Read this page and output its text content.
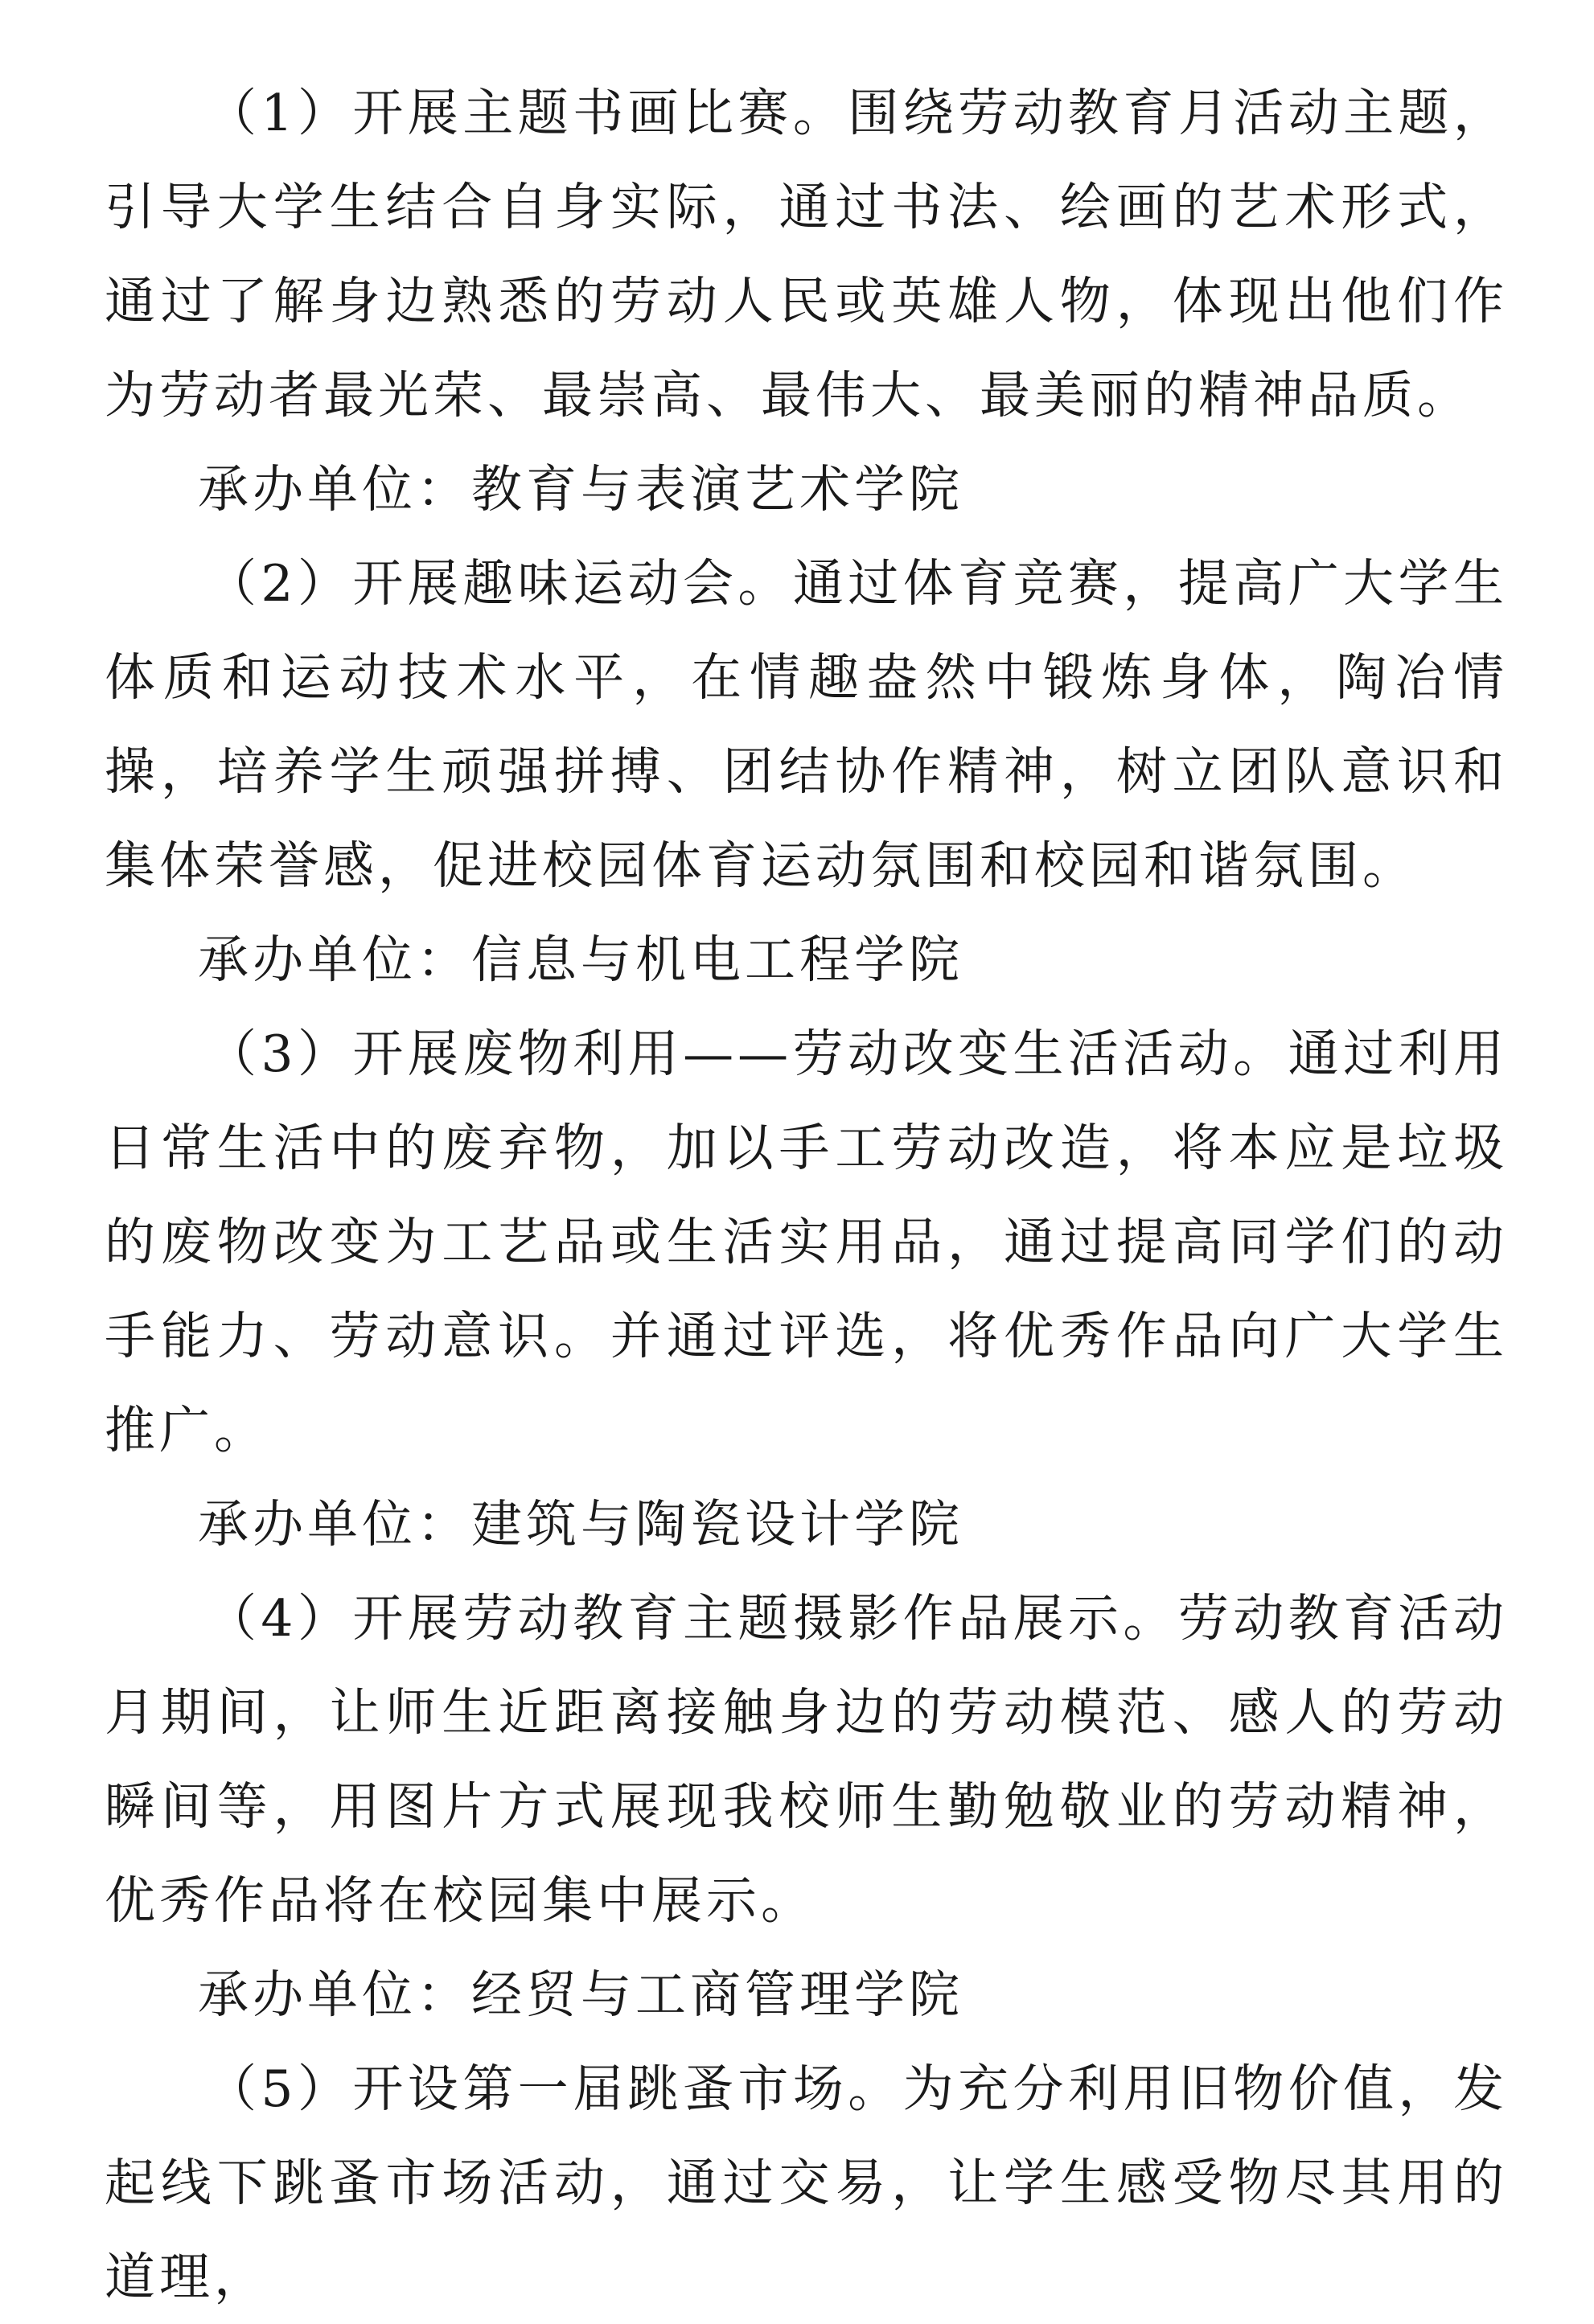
（1）开展主题书画比赛。围绕劳动教育月活动主题，引导大学生结合自身实际，通过书法、绘画的艺术形式，通过了解身边熟悉的劳动人民或英雄人物，体现出他们作为劳动者最光荣、最崇高、最伟大、最美丽的精神品质。

承办单位：教育与表演艺术学院

（2）开展趣味运动会。通过体育竞赛，提高广大学生体质和运动技术水平，在情趣盎然中锻炼身体，陶冶情操，培养学生顽强拼搏、团结协作精神，树立团队意识和集体荣誉感，促进校园体育运动氛围和校园和谐氛围。

承办单位：信息与机电工程学院

（3）开展废物利用——劳动改变生活活动。通过利用日常生活中的废弃物，加以手工劳动改造，将本应是垃圾的废物改变为工艺品或生活实用品，通过提高同学们的动手能力、劳动意识。并通过评选，将优秀作品向广大学生推广。

承办单位：建筑与陶瓷设计学院

（4）开展劳动教育主题摄影作品展示。劳动教育活动月期间，让师生近距离接触身边的劳动模范、感人的劳动瞬间等，用图片方式展现我校师生勤勉敬业的劳动精神，优秀作品将在校园集中展示。

承办单位：经贸与工商管理学院

（5）开设第一届跳蚤市场。为充分利用旧物价值，发起线下跳蚤市场活动，通过交易，让学生感受物尽其用的道理，
